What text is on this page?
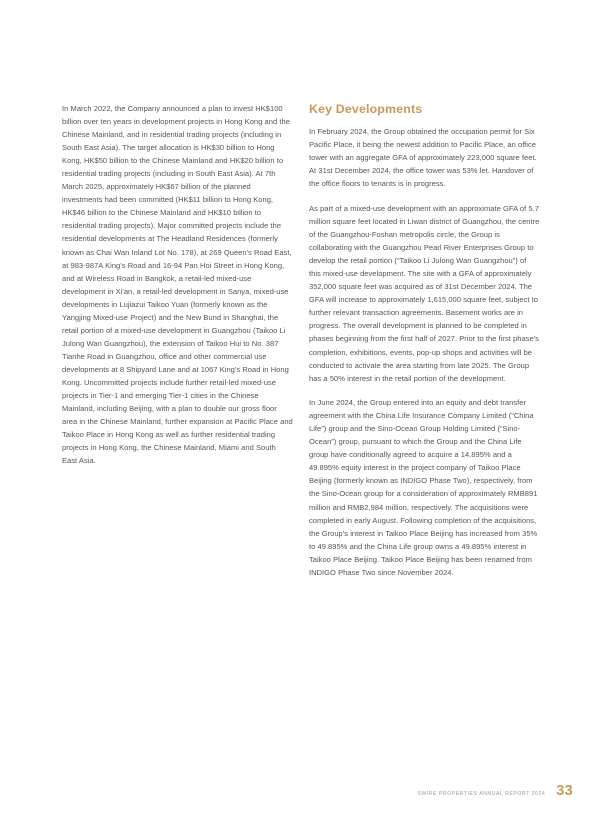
In March 2022, the Company announced a plan to invest HK$100 billion over ten years in development projects in Hong Kong and the Chinese Mainland, and in residential trading projects (including in South East Asia). The target allocation is HK$30 billion to Hong Kong, HK$50 billion to the Chinese Mainland and HK$20 billion to residential trading projects (including in South East Asia). At 7th March 2025, approximately HK$67 billion of the planned investments had been committed (HK$11 billion to Hong Kong, HK$46 billion to the Chinese Mainland and HK$10 billion to residential trading projects). Major committed projects include the residential developments at The Headland Residences (formerly known as Chai Wan Inland Lot No. 178), at 269 Queen's Road East, at 983-987A King's Road and 16-94 Pan Hoi Street in Hong Kong, and at Wireless Road in Bangkok, a retail-led mixed-use development in Xi'an, a retail-led development in Sanya, mixed-use developments in Lujiazui Taikoo Yuan (formerly known as the Yangjing Mixed-use Project) and the New Bund in Shanghai, the retail portion of a mixed-use development in Guangzhou (Taikoo Li Julong Wan Guangzhou), the extension of Taikoo Hui to No. 387 Tianhe Road in Guangzhou, office and other commercial use developments at 8 Shipyard Lane and at 1067 King's Road in Hong Kong. Uncommitted projects include further retail-led mixed-use projects in Tier-1 and emerging Tier-1 cities in the Chinese Mainland, including Beijing, with a plan to double our gross floor area in the Chinese Mainland, further expansion at Pacific Place and Taikoo Place in Hong Kong as well as further residential trading projects in Hong Kong, the Chinese Mainland, Miami and South East Asia.

Key Developments

In February 2024, the Group obtained the occupation permit for Six Pacific Place, it being the newest addition to Pacific Place, an office tower with an aggregate GFA of approximately 223,000 square feet. At 31st December 2024, the office tower was 53% let. Handover of the office floors to tenants is in progress.

As part of a mixed-use development with an approximate GFA of 5.7 million square feet located in Liwan district of Guangzhou, the centre of the Guangzhou-Foshan metropolis circle, the Group is collaborating with the Guangzhou Pearl River Enterprises Group to develop the retail portion (“Taikoo Li Julong Wan Guangzhou”) of this mixed-use development. The site with a GFA of approximately 352,000 square feet was acquired as of 31st December 2024. The GFA will increase to approximately 1,615,000 square feet, subject to further relevant transaction agreements. Basement works are in progress. The overall development is planned to be completed in phases beginning from the first half of 2027. Prior to the first phase's completion, exhibitions, events, pop-up shops and activities will be conducted to activate the area starting from late 2025. The Group has a 50% interest in the retail portion of the development.

In June 2024, the Group entered into an equity and debt transfer agreement with the China Life Insurance Company Limited (“China Life”) group and the Sino-Ocean Group Holding Limited (“Sino-Ocean”) group, pursuant to which the Group and the China Life group have conditionally agreed to acquire a 14.895% and a 49.895% equity interest in the project company of Taikoo Place Beijing (formerly known as INDIGO Phase Two), respectively, from the Sino-Ocean group for a consideration of approximately RMB891 million and RMB2,984 million, respectively. The acquisitions were completed in early August. Following completion of the acquisitions, the Group's interest in Taikoo Place Beijing has increased from 35% to 49.895% and the China Life group owns a 49.895% interest in Taikoo Place Beijing. Taikoo Place Beijing has been renamed from INDIGO Phase Two since November 2024.

SWIRE PROPERTIES ANNUAL REPORT 2024 33
